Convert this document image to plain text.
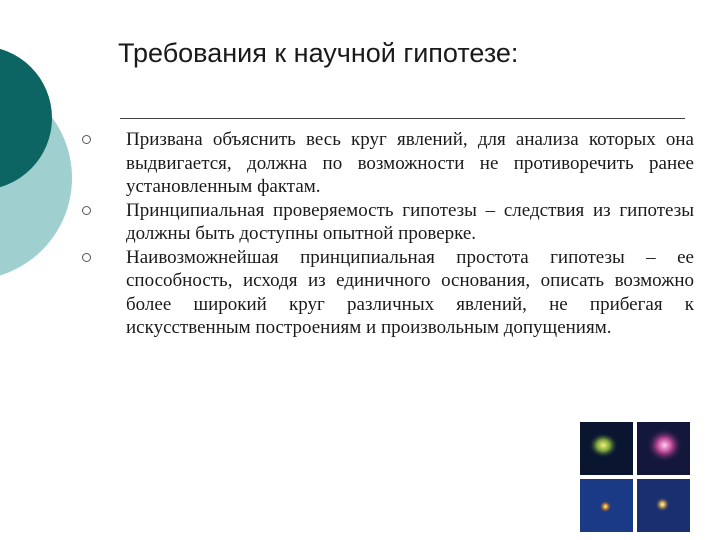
Требования к научной гипотезе:
Призвана объяснить весь круг явлений, для анализа которых она выдвигается, должна по возможности не противоречить ранее установленным фактам.
Принципиальная проверяемость гипотезы – следствия из гипотезы должны быть доступны опытной проверке.
Наивозможнейшая принципиальная простота гипотезы – ее способность, исходя из единичного основания, описать возможно более широкий круг различных явлений, не прибегая к искусственным построениям и произвольным допущениям.
